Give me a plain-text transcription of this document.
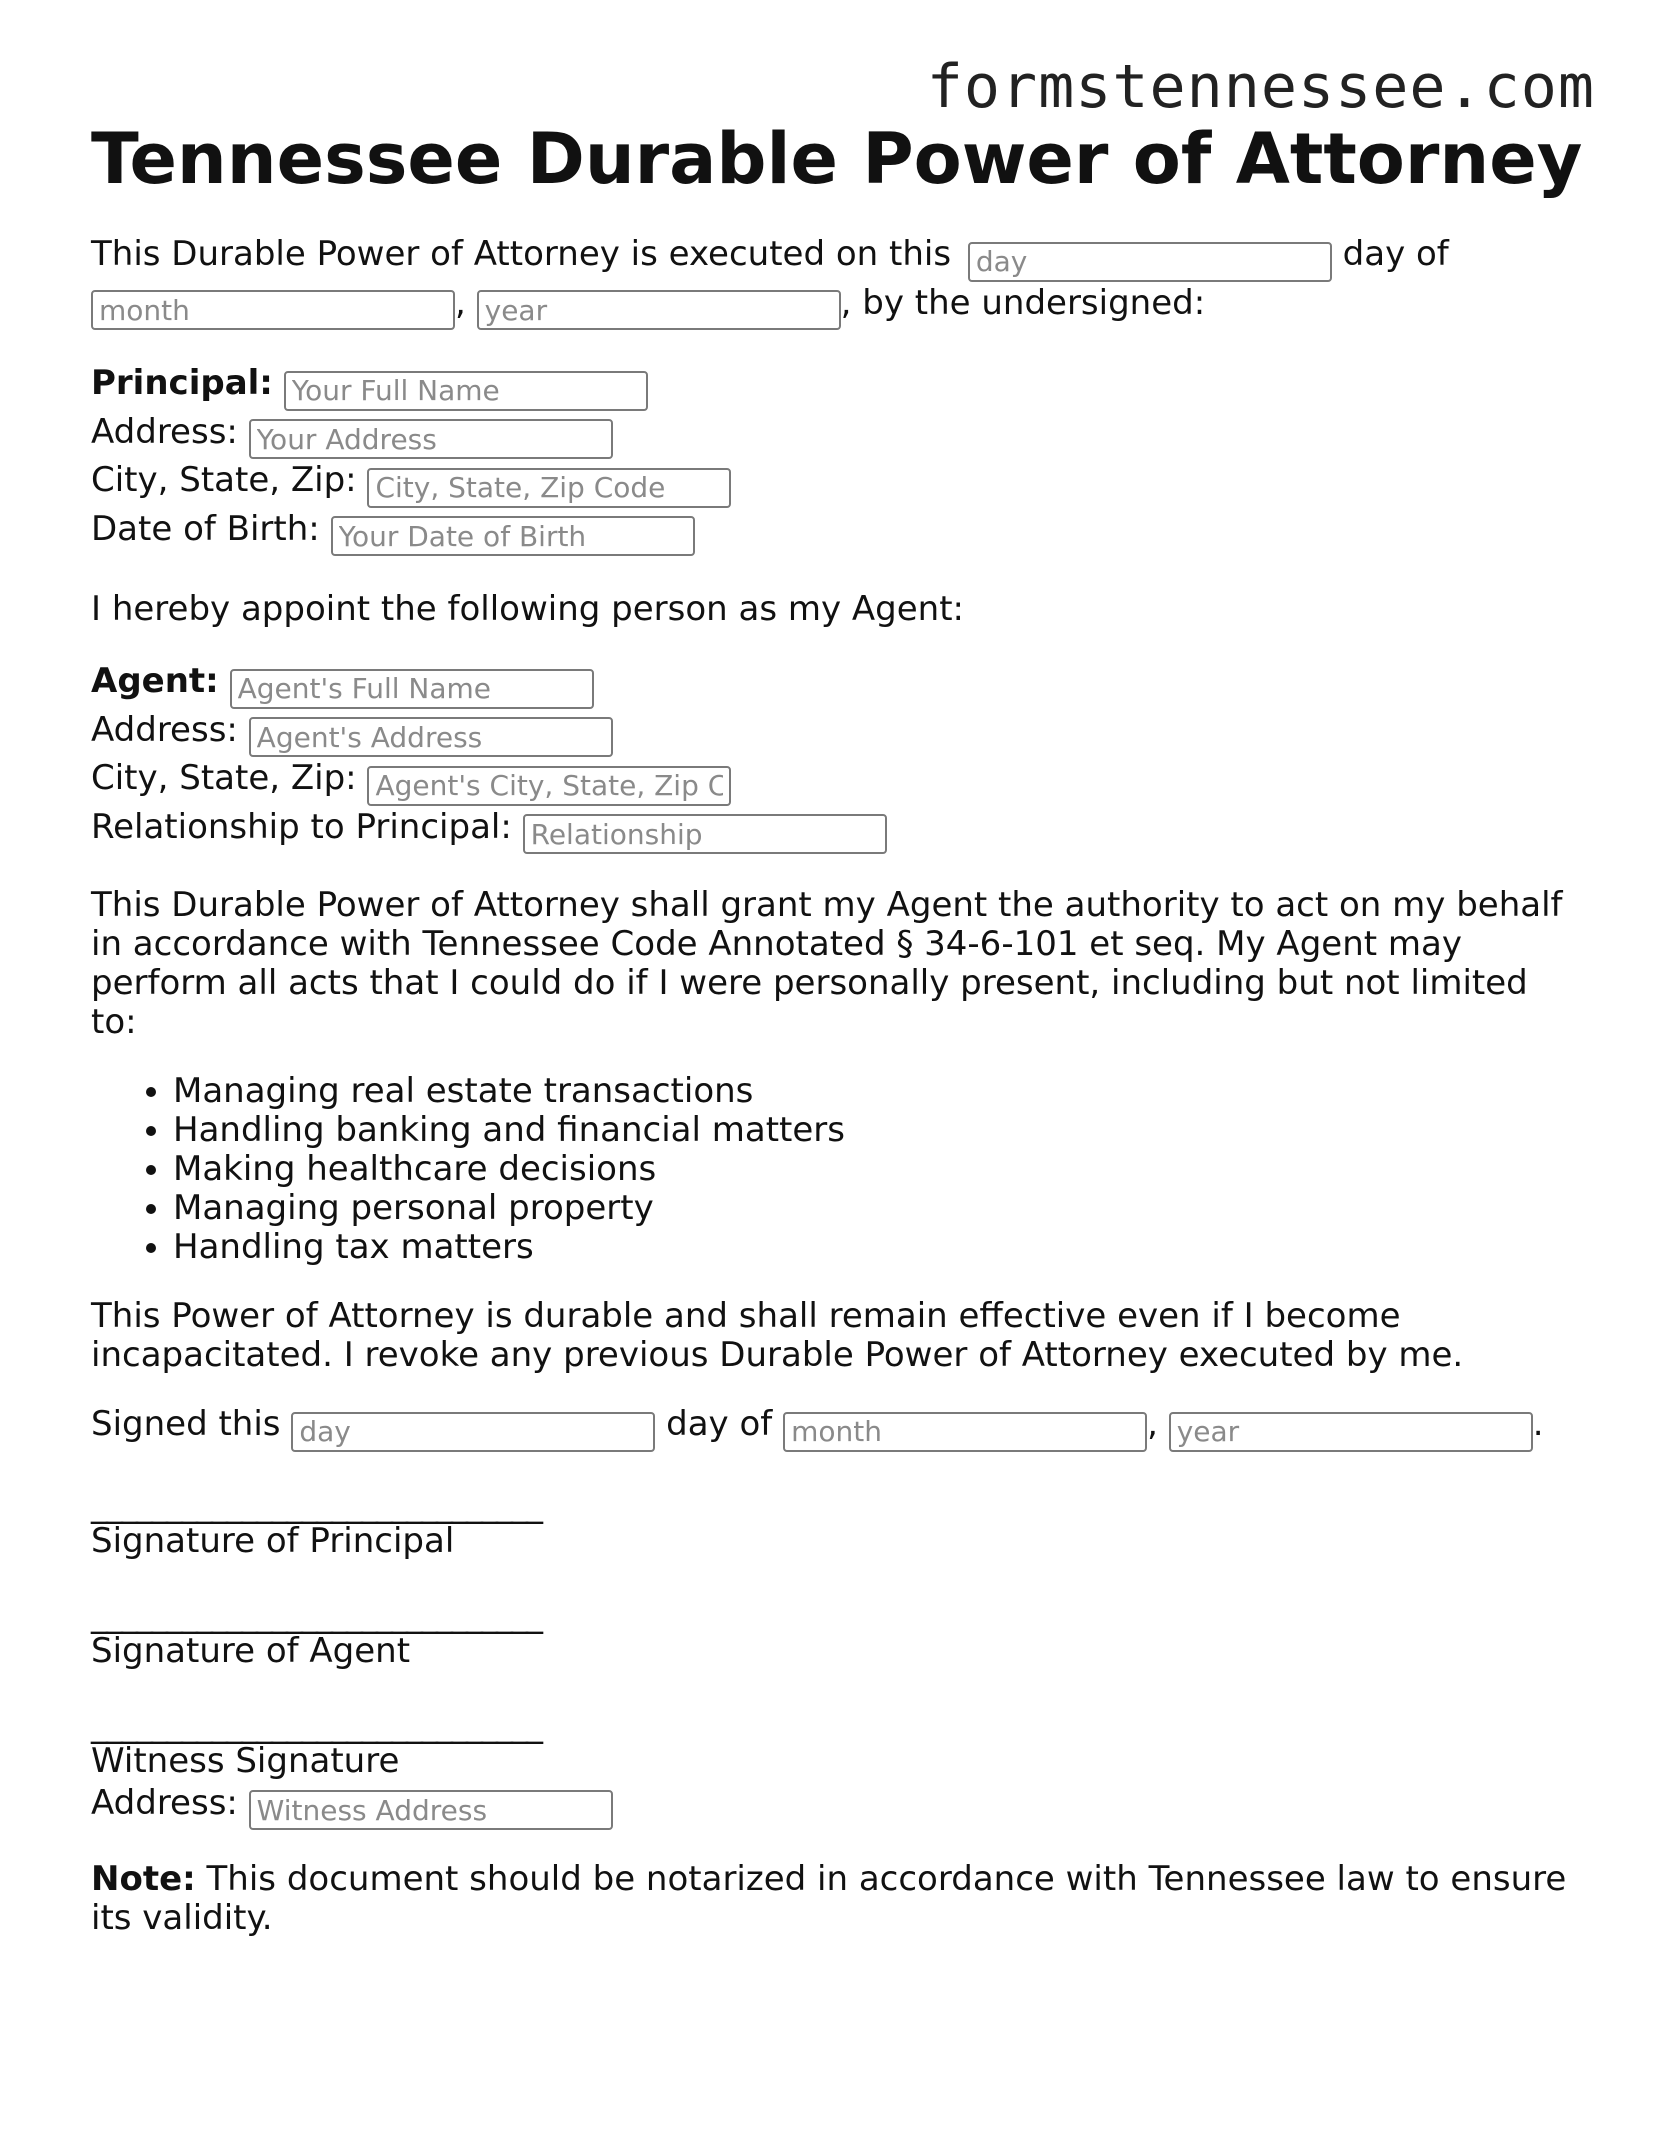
formstennessee.com
Tennessee Durable Power of Attorney
This Durable Power of Attorney is executed on this day	day of
month, year	, by the undersigned:
Principal: Your Full Name
Address: Your Address
City, State, Zip: City, State, Zip Code
Date of Birth: Your Date of Birth

I hereby appoint the following person as my Agent:

Agent: Agent's Full Name
Address: Agent's Address
City, State, Zip: Agent's City, State, Zip Code
Relationship to Principal: Relationship

This Durable Power of Attorney shall grant my Agent the authority to act on my behalf in accordance with Tennessee Code Annotated § 34-6-101 et seq. My Agent may perform all acts that I could do if I were personally present, including but not limited to:

• Managing real estate transactions
• Handling banking and financial matters
• Making healthcare decisions
• Managing personal property
• Handling tax matters

This Power of Attorney is durable and shall remain effective even if I become incapacitated. I revoke any previous Durable Power of Attorney executed by me.

Signed this day	day of month	, year	.
______________________________
Signature of Principal
______________________________
Signature of Agent
______________________________
Witness Signature
Address: Witness Address

Note: This document should be notarized in accordance with Tennessee law to ensure its validity.
